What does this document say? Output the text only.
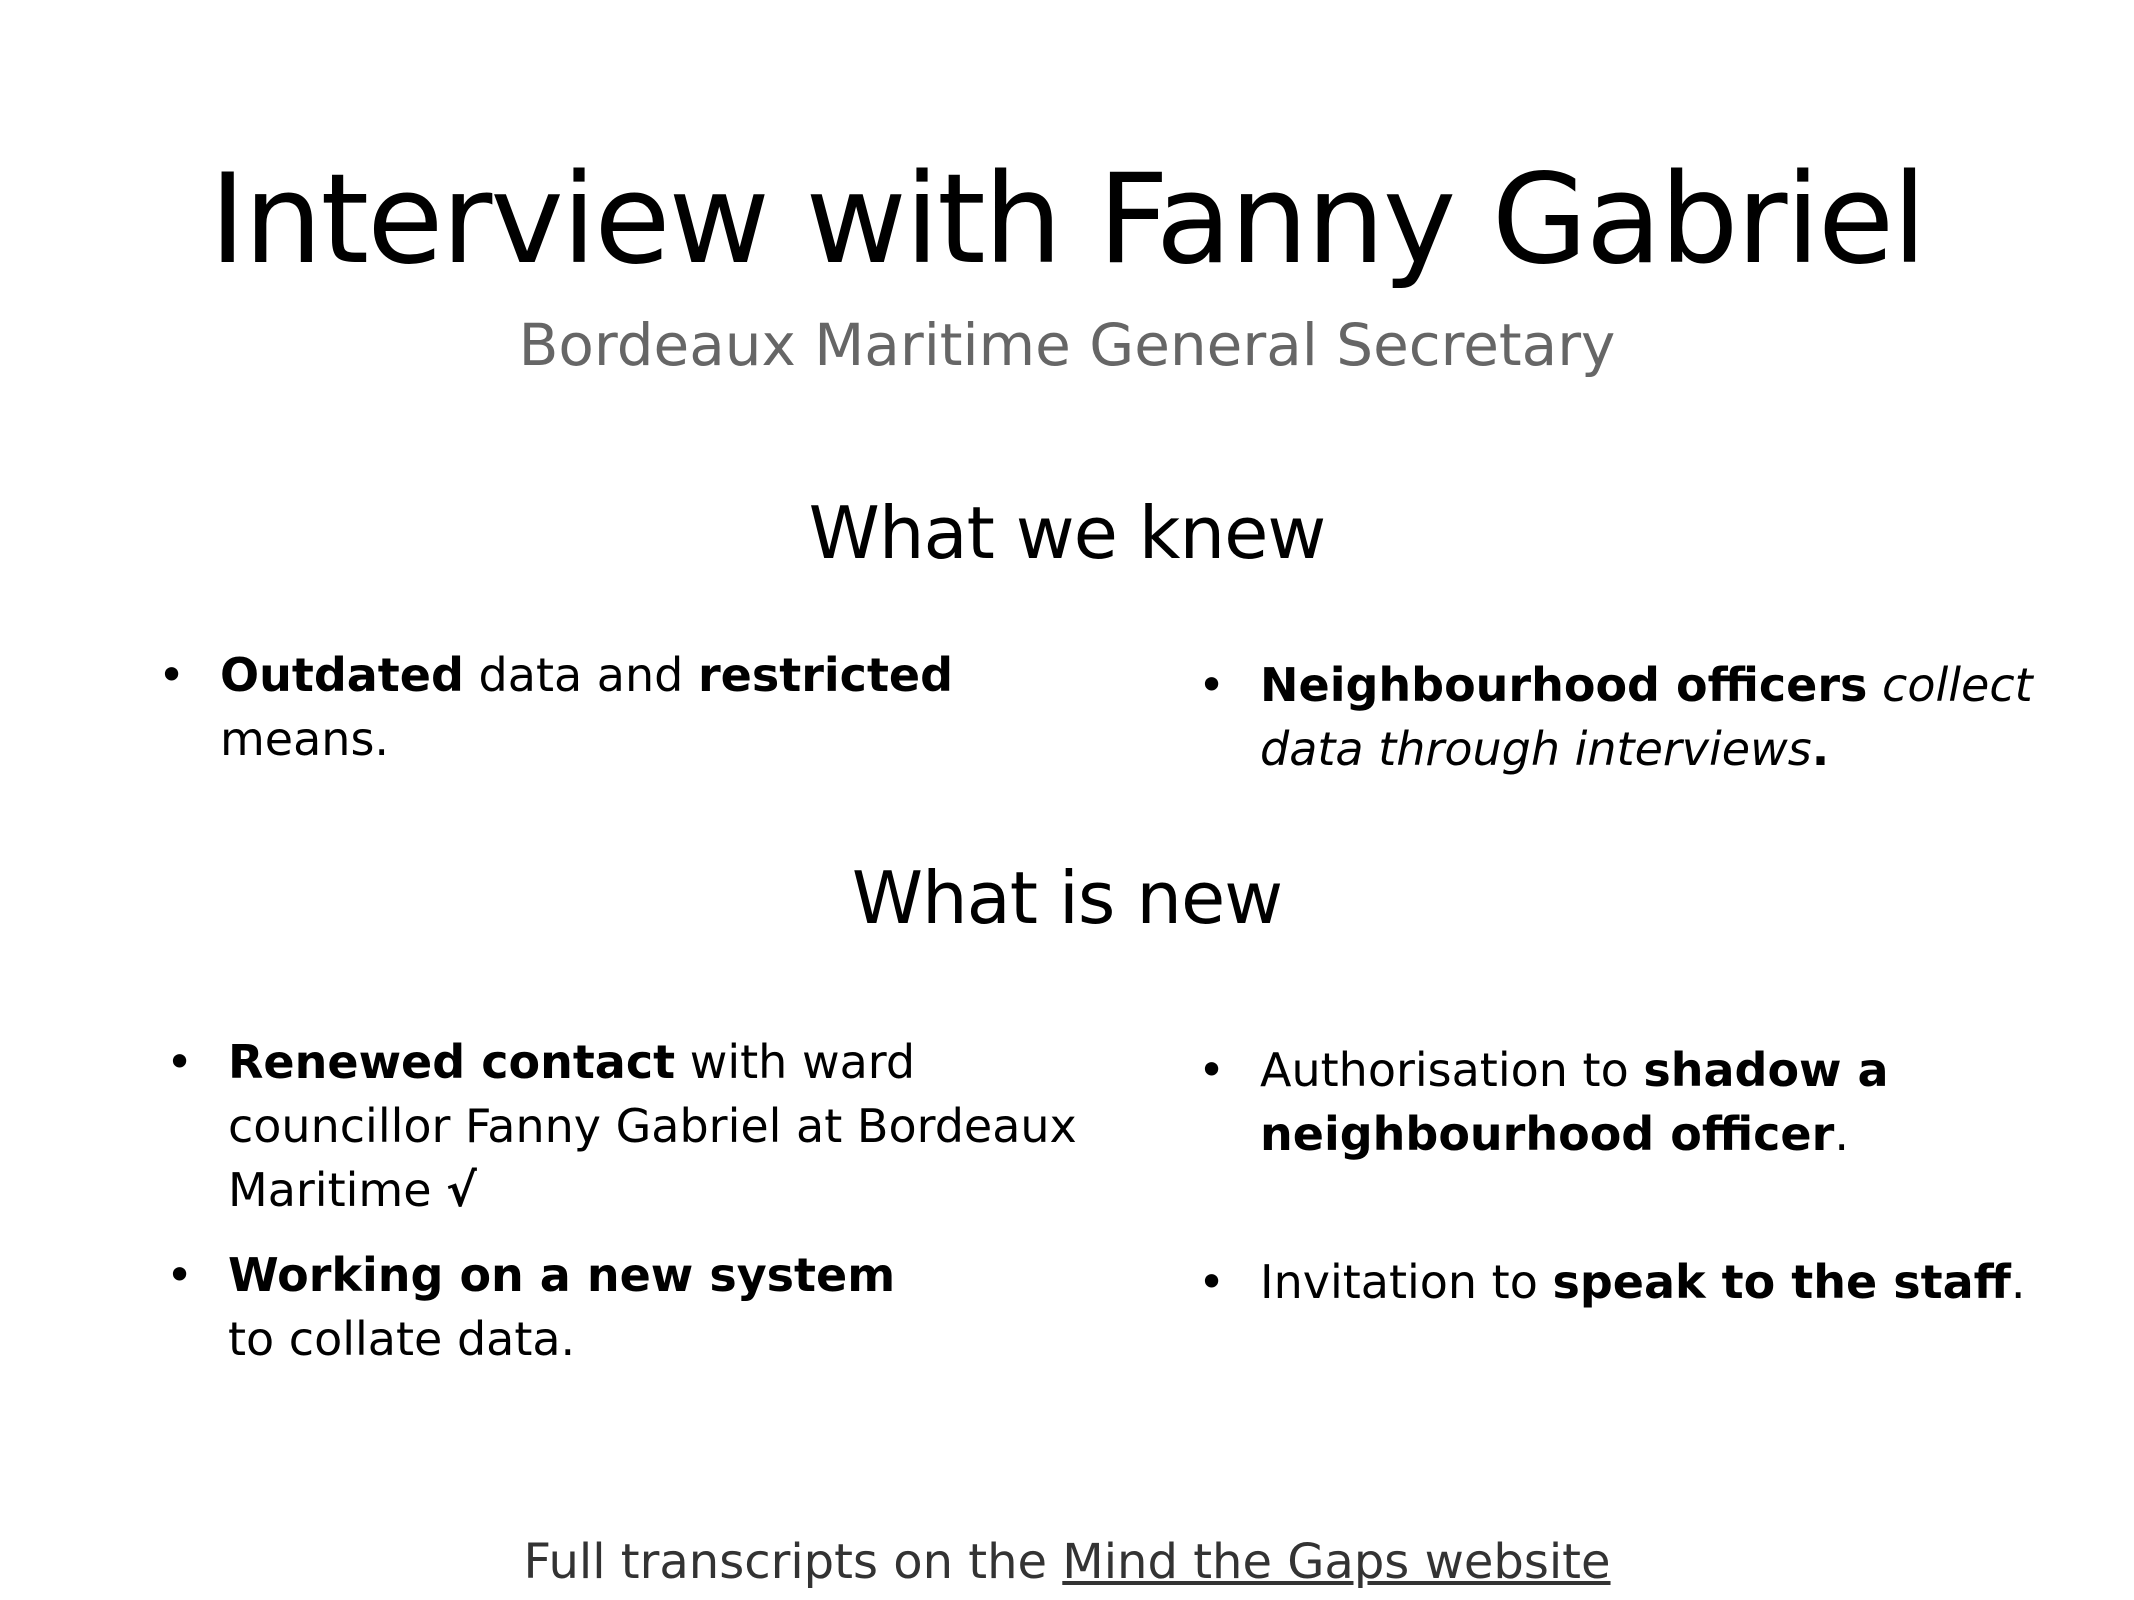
Interview with Fanny Gabriel
Bordeaux Maritime General Secretary
What we knew
• Outdated data and restricted means.
• Neighbourhood officers collect data through interviews.
What is new
• Renewed contact with ward councillor Fanny Gabriel at Bordeaux Maritime √
• Authorisation to shadow a neighbourhood officer.
• Working on a new system
to collate data.
• Invitation to speak to the staff.
Full transcripts on the Mind the Gaps website
